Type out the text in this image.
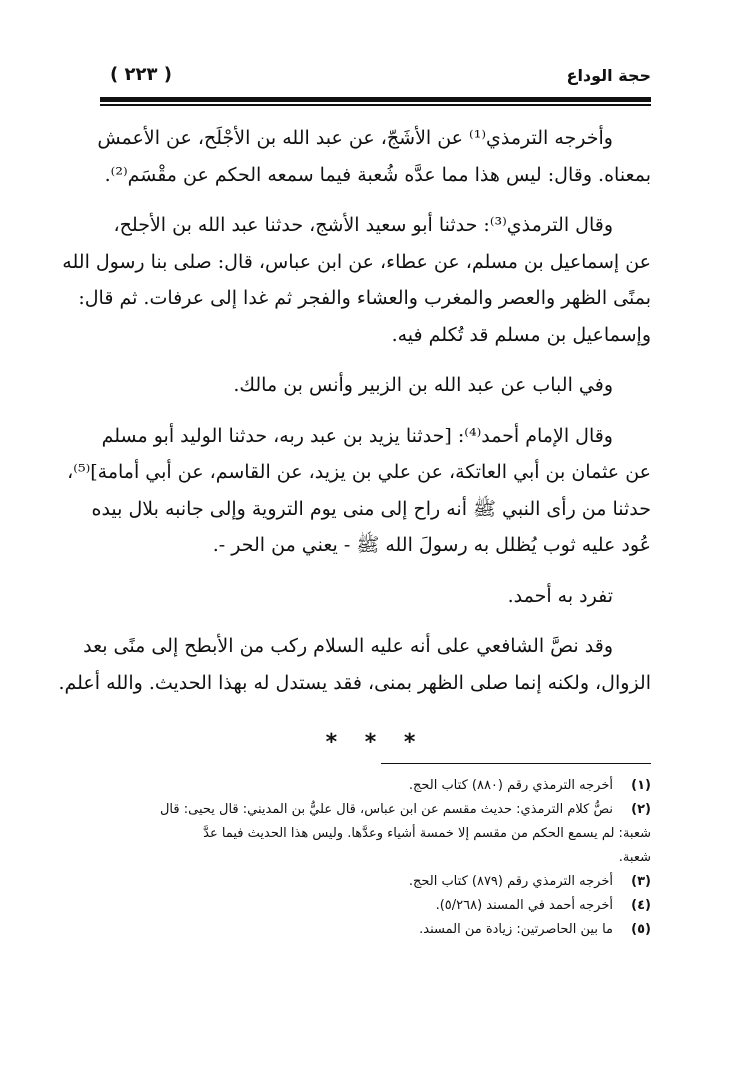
حجة الوداع
( ٢٢٣ )

وأخرجه الترمذي⁽¹⁾ عن الأشَجّ، عن عبد الله بن الأجْلَح، عن الأعمش
بمعناه. وقال: ليس هذا مما عدَّه شُعبة فيما سمعه الحكم عن مقْسَم⁽²⁾.

وقال الترمذي⁽³⁾: حدثنا أبو سعيد الأشج، حدثنا عبد الله بن الأجلح،
عن إسماعيل بن مسلم، عن عطاء، عن ابن عباس، قال: صلى بنا رسول الله
بمنًى الظهر والعصر والمغرب والعشاء والفجر ثم غدا إلى عرفات. ثم قال:
وإسماعيل بن مسلم قد تُكلم فيه.

وفي الباب عن عبد الله بن الزبير وأنس بن مالك.

وقال الإمام أحمد⁽⁴⁾: [حدثنا يزيد بن عبد ربه، حدثنا الوليد أبو مسلم
عن عثمان بن أبي العاتكة، عن علي بن يزيد، عن القاسم، عن أبي أمامة]⁽⁵⁾،
حدثنا من رأى النبي ﷺ أنه راح إلى منى يوم التروية وإلى جانبه بلال بيده
عُود عليه ثوب يُظلل به رسولَ الله ﷺ - يعني من الحر -.

تفرد به أحمد.

وقد نصَّ الشافعي على أنه عليه السلام ركب من الأبطح إلى منًى بعد
الزوال، ولكنه إنما صلى الظهر بمنى، فقد يستدل له بهذا الحديث. والله أعلم.

* * *
(١)
أخرجه الترمذي رقم (٨٨٠) كتاب الحج.
(٢)
نصُّ كلام الترمذي: حديث مقسم عن ابن عباس، قال عليُّ بن المديني: قال يحيى: قال
شعبة: لم يسمع الحكم من مقسم إلا خمسة أشياء وعدَّها. وليس هذا الحديث فيما عدَّ
شعبة.
(٣)
أخرجه الترمذي رقم (٨٧٩) كتاب الحج.
(٤)
أخرجه أحمد في المسند (٥/٢٦٨).
(٥)
ما بين الحاصرتين: زيادة من المسند.
